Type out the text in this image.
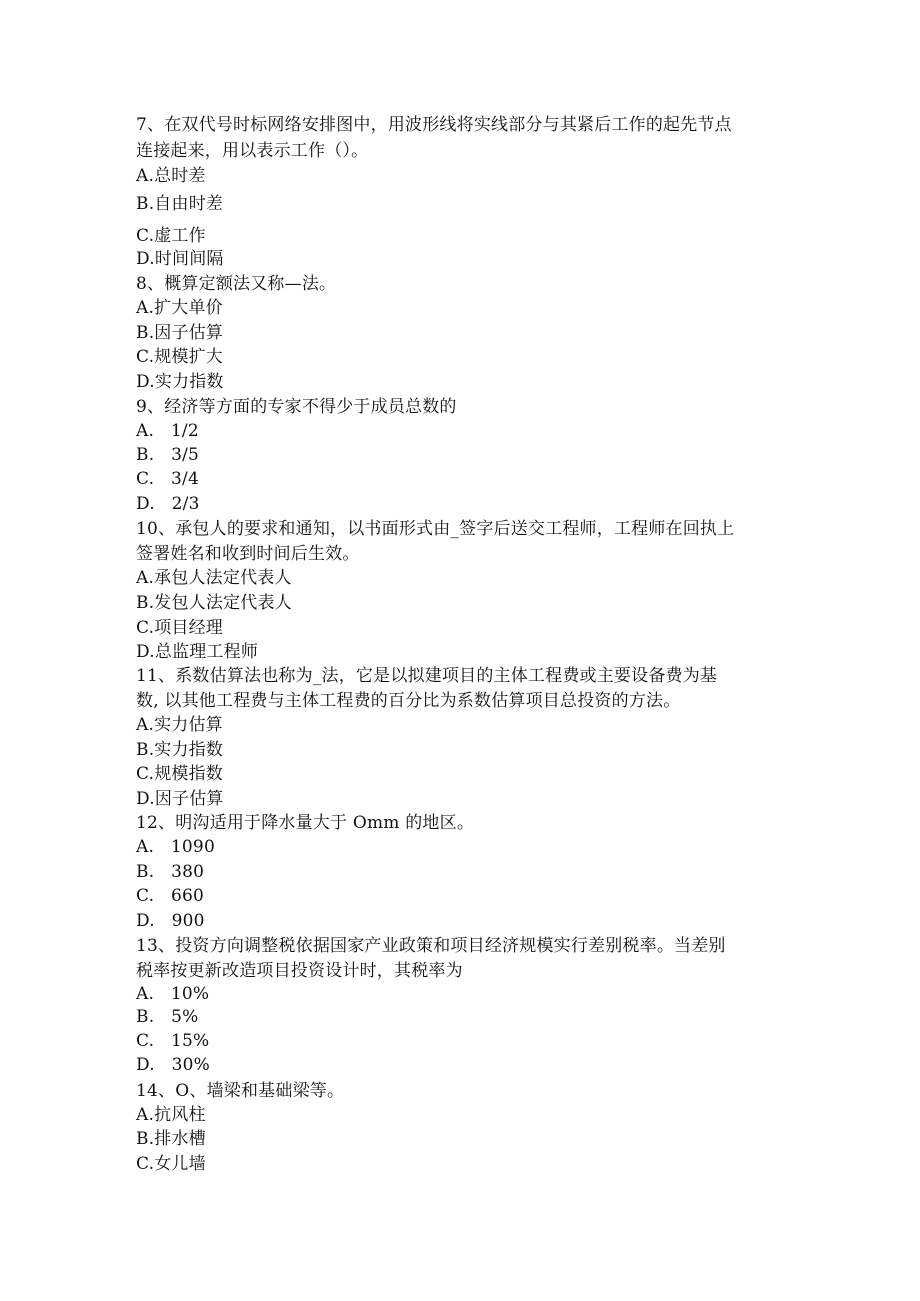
7、在双代号时标网络安排图中，用波形线将实线部分与其紧后工作的起先节点
连接起来，用以表示工作（）。
A.总时差
B.自由时差
C.虚工作
D.时间间隔
8、概算定额法又称—法。
A.扩大单价
B.因子估算
C.规模扩大
D.实力指数
9、经济等方面的专家不得少于成员总数的
A.   1/2
B.   3/5
C.   3/4
D.   2/3
10、承包人的要求和通知，以书面形式由_签字后送交工程师，工程师在回执上
签署姓名和收到时间后生效。
A.承包人法定代表人
B.发包人法定代表人
C.项目经理
D.总监理工程师
11、系数估算法也称为_法，它是以拟建项目的主体工程费或主要设备费为基
数, 以其他工程费与主体工程费的百分比为系数估算项目总投资的方法。
A.实力估算
B.实力指数
C.规模指数
D.因子估算
12、明沟适用于降水量大于 Omm 的地区。
A.   1090
B.   380
C.   660
D.   900
13、投资方向调整税依据国家产业政策和项目经济规模实行差别税率。当差别
税率按更新改造项目投资设计时，其税率为
A.   10%
B.   5%
C.   15%
D.   30%
14、O、墙梁和基础梁等。
A.抗风柱
B.排水槽
C.女儿墙
